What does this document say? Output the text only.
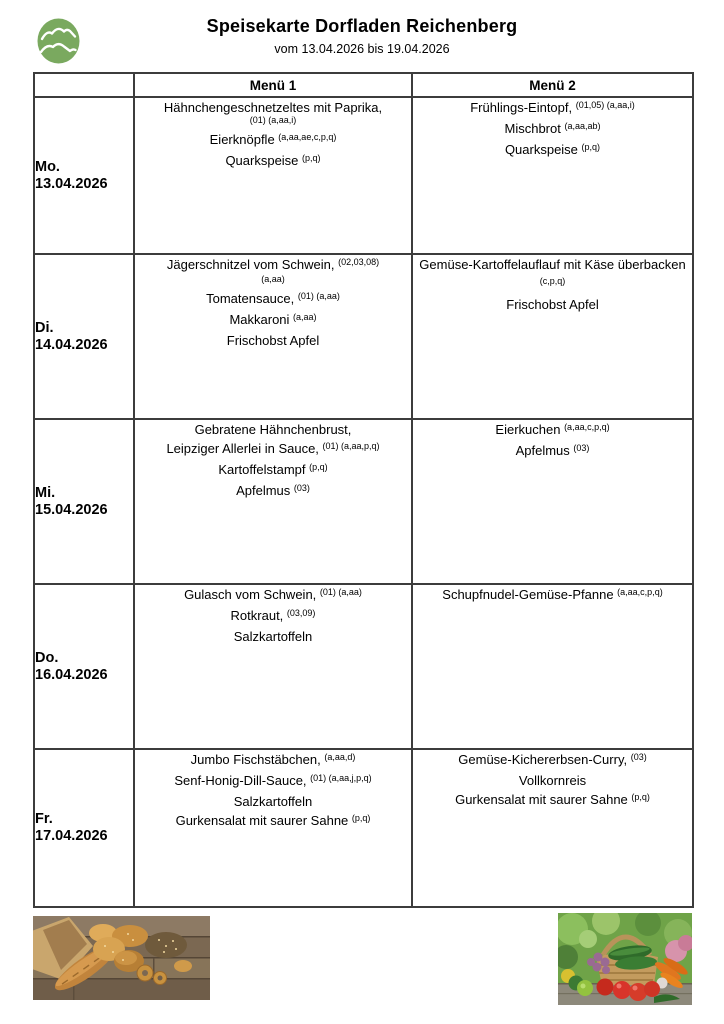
Speisekarte Dorfladen Reichenberg
vom 13.04.2026 bis 19.04.2026
	Menü 1	Menü 2

Mo.
13.04.2026

Hähnchengeschnetzeltes mit Paprika,
$^{(01) (a,aa,i)}$
Eierknöpfle $^{(a,aa,ae,c,p,q)}$
Quarkspeise $^{(p,q)}$

Frühlings-Eintopf, $^{(01,05) (a,aa,i)}$
Mischbrot $^{(a,aa,ab)}$
Quarkspeise $^{(p,q)}$

Di.
14.04.2026

Jägerschnitzel vom Schwein, $^{(02,03,08)}$
$^{(a,aa)}$
Tomatensauce, $^{(01) (a,aa)}$
Makkaroni $^{(a,aa)}$
Frischobst Apfel

Gemüse-Kartoffelauflauf mit Käse überbacken $^{(c,p,q)}$
Frischobst Apfel

Mi.
15.04.2026

Gebratene Hähnchenbrust,
Leipziger Allerlei in Sauce, $^{(01) (a,aa,p,q)}$
Kartoffelstampf $^{(p,q)}$
Apfelmus $^{(03)}$

Eierkuchen $^{(a,aa,c,p,q)}$
Apfelmus $^{(03)}$

Do.
16.04.2026

Gulasch vom Schwein, $^{(01) (a,aa)}$
Rotkraut, $^{(03,09)}$
Salzkartoffeln

Schupfnudel-Gemüse-Pfanne $^{(a,aa,c,p,q)}$

Fr.
17.04.2026

Jumbo Fischstäbchen, $^{(a,aa,d)}$
Senf-Honig-Dill-Sauce, $^{(01) (a,aa,j,p,q)}$
Salzkartoffeln
Gurkensalat mit saurer Sahne $^{(p,q)}$

Gemüse-Kichererbsen-Curry, $^{(03)}$
Vollkornreis
Gurkensalat mit saurer Sahne $^{(p,q)}$
